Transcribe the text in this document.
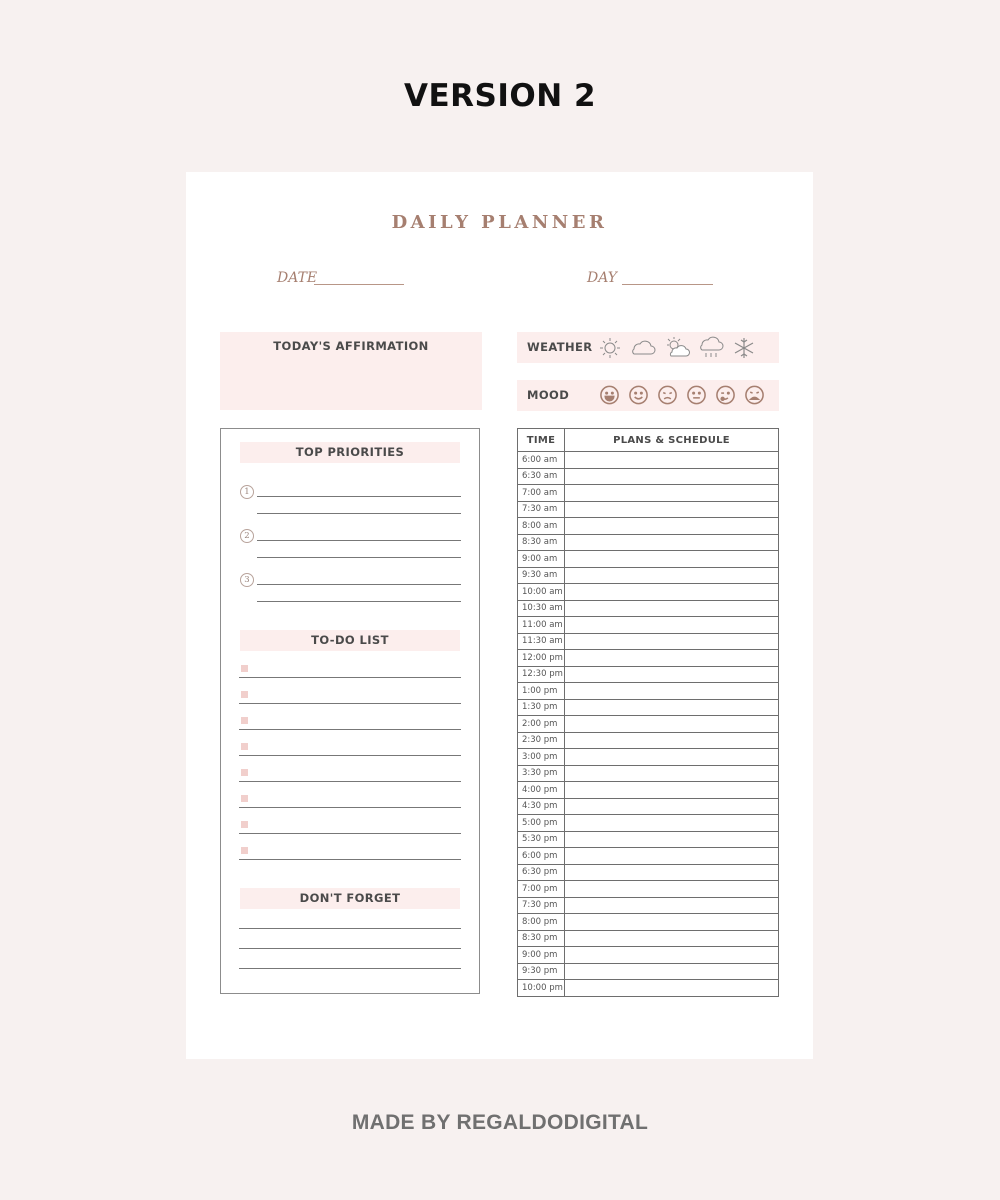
VERSION 2
DAILY PLANNER
DATE	DAY
TODAY'S AFFIRMATION	WEATHER
MOOD
TOP PRIORITIES
1
2
3
TO-DO LIST
DON'T FORGET
TIME	PLANS & SCHEDULE
6:00 am	
6:30 am	
7:00 am	
7:30 am	
8:00 am	
8:30 am	
9:00 am	
9:30 am	
10:00 am	
10:30 am	
11:00 am	
11:30 am	
12:00 pm	
12:30 pm	
1:00 pm	
1:30 pm	
2:00 pm	
2:30 pm	
3:00 pm	
3:30 pm	
4:00 pm	
4:30 pm	
5:00 pm	
5:30 pm	
6:00 pm	
6:30 pm	
7:00 pm	
7:30 pm	
8:00 pm	
8:30 pm	
9:00 pm	
9:30 pm	
10:00 pm	
MADE BY REGALDODIGITAL
